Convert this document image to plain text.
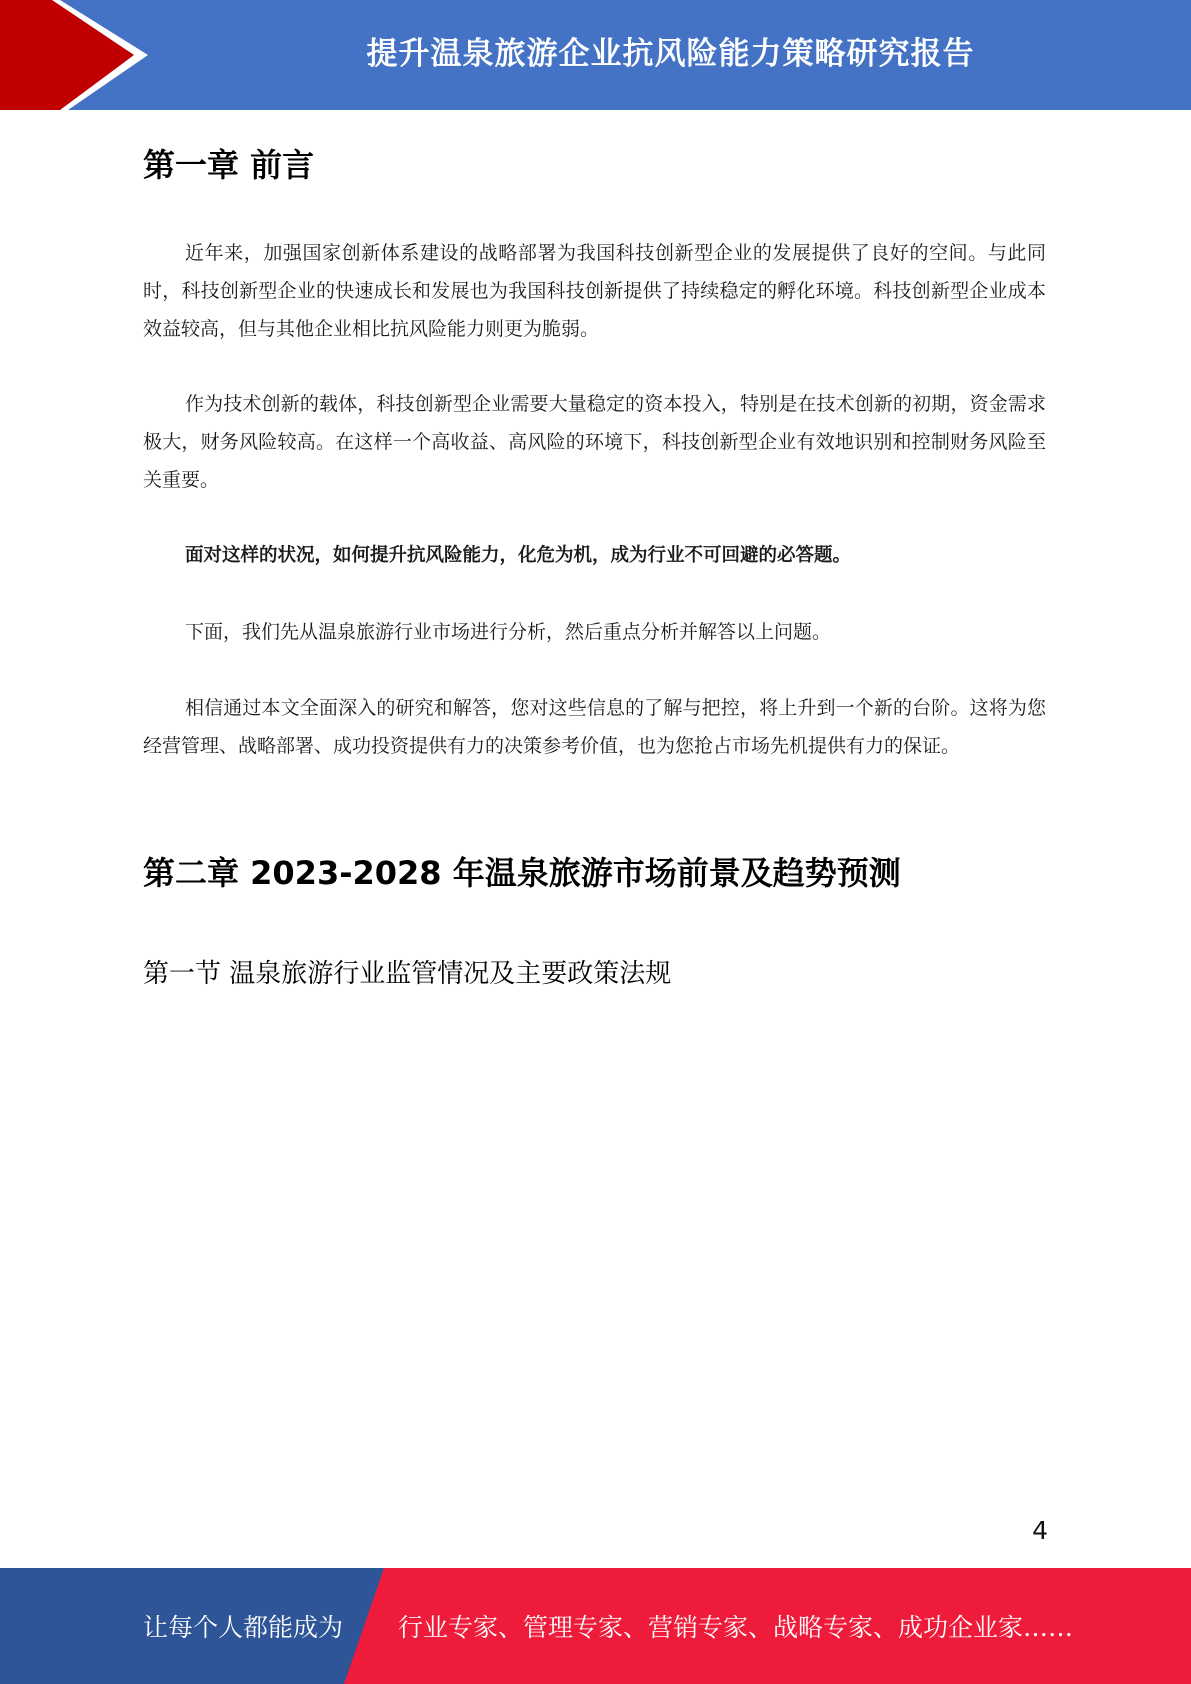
提升温泉旅游企业抗风险能力策略研究报告
第一章 前言

近年来，加强国家创新体系建设的战略部署为我国科技创新型企业的发展提供了良好的空间。与此同时，科技创新型企业的快速成长和发展也为我国科技创新提供了持续稳定的孵化环境。科技创新型企业成本效益较高，但与其他企业相比抗风险能力则更为脆弱。

作为技术创新的载体，科技创新型企业需要大量稳定的资本投入，特别是在技术创新的初期，资金需求极大，财务风险较高。在这样一个高收益、高风险的环境下，科技创新型企业有效地识别和控制财务风险至关重要。

面对这样的状况，如何提升抗风险能力，化危为机，成为行业不可回避的必答题。

下面，我们先从温泉旅游行业市场进行分析，然后重点分析并解答以上问题。

相信通过本文全面深入的研究和解答，您对这些信息的了解与把控，将上升到一个新的台阶。这将为您经营管理、战略部署、成功投资提供有力的决策参考价值，也为您抢占市场先机提供有力的保证。

第二章 2023-2028 年温泉旅游市场前景及趋势预测
第一节 温泉旅游行业监管情况及主要政策法规
4
让每个人都能成为 行业专家、管理专家、营销专家、战略专家、成功企业家……
